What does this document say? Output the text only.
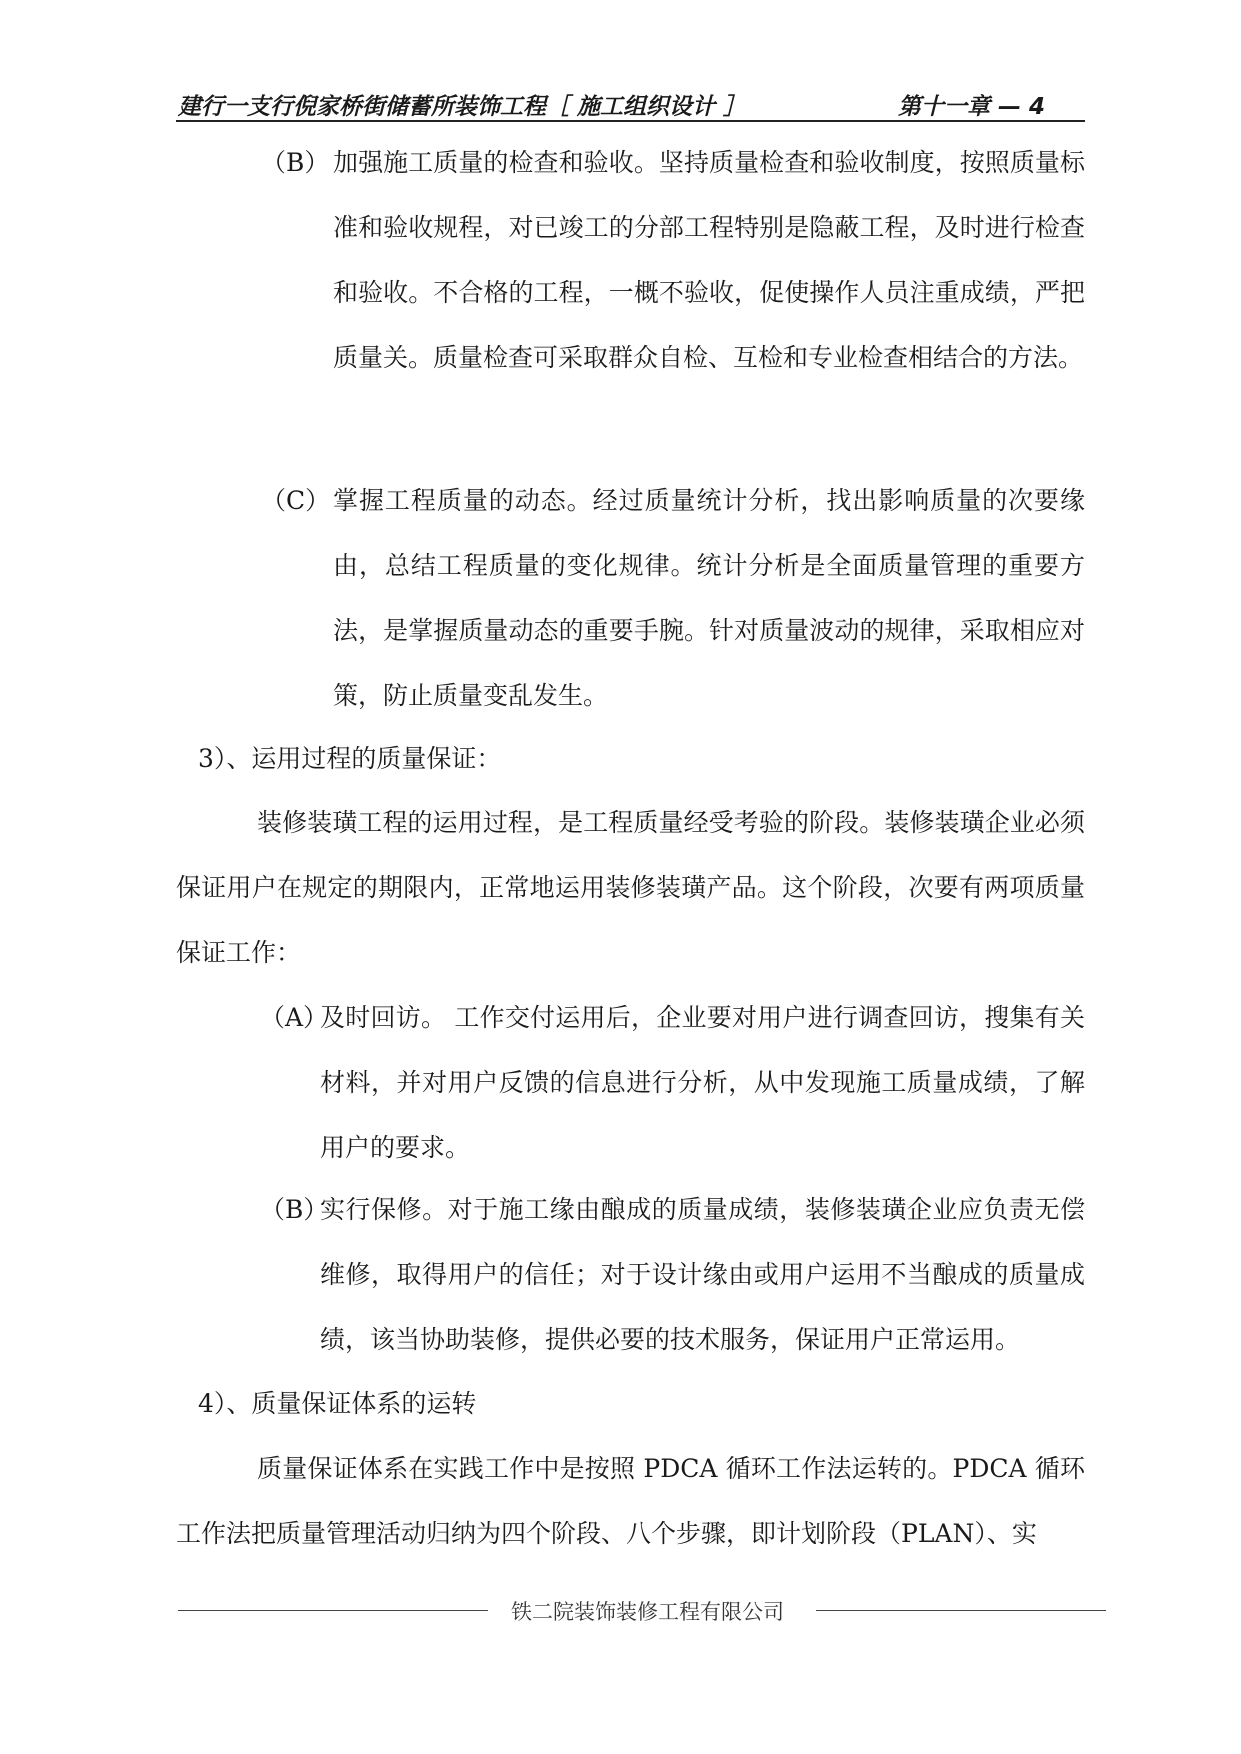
建行一支行倪家桥街储蓄所装饰工程［ 施工组织设计 ］	第十一章 — 4
（B） 加强施工质量的检查和验收。坚持质量检查和验收制度，按照质量标准和验收规程，对已竣工的分部工程特别是隐蔽工程，及时进行检查和验收。不合格的工程，一概不验收，促使操作人员注重成绩，严把质量关。质量检查可采取群众自检、互检和专业检查相结合的方法。
（C） 掌握工程质量的动态。经过质量统计分析，找出影响质量的次要缘由，总结工程质量的变化规律。统计分析是全面质量管理的重要方法，是掌握质量动态的重要手腕。针对质量波动的规律，采取相应对策，防止质量变乱发生。
3）、运用过程的质量保证：
装修装璜工程的运用过程，是工程质量经受考验的阶段。装修装璜企业必须保证用户在规定的期限内，正常地运用装修装璜产品。这个阶段，次要有两项质量保证工作：
（A）
及时回访。 工作交付运用后，企业要对用户进行调查回访，搜集有关材料，并对用户反馈的信息进行分析，从中发现施工质量成绩，了解用户的要求。
（B）
实行保修。对于施工缘由酿成的质量成绩，装修装璜企业应负责无偿维修，取得用户的信任；对于设计缘由或用户运用不当酿成的质量成绩，该当协助装修，提供必要的技术服务，保证用户正常运用。
4）、质量保证体系的运转
质量保证体系在实践工作中是按照 PDCA 循环工作法运转的。PDCA 循环工作法把质量管理活动归纳为四个阶段、八个步骤，即计划阶段（PLAN）、实
铁二院装饰装修工程有限公司
